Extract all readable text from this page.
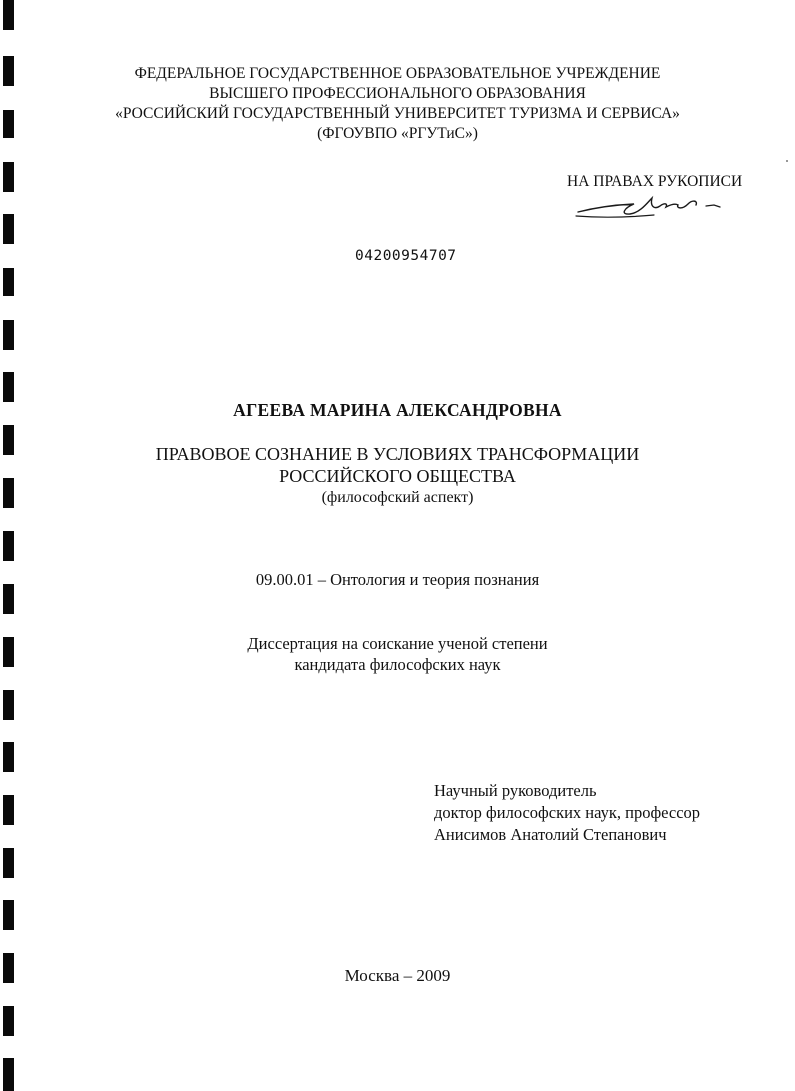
ФЕДЕРАЛЬНОЕ ГОСУДАРСТВЕННОЕ ОБРАЗОВАТЕЛЬНОЕ УЧРЕЖДЕНИЕ
ВЫСШЕГО ПРОФЕССИОНАЛЬНОГО ОБРАЗОВАНИЯ
«РОССИЙСКИЙ ГОСУДАРСТВЕННЫЙ УНИВЕРСИТЕТ ТУРИЗМА И СЕРВИСА»
(ФГОУВПО «РГУТиС»)
НА ПРАВАХ РУКОПИСИ
04200954707
АГЕЕВА МАРИНА АЛЕКСАНДРОВНА
ПРАВОВОЕ СОЗНАНИЕ В УСЛОВИЯХ ТРАНСФОРМАЦИИ
РОССИЙСКОГО ОБЩЕСТВА
(философский аспект)
09.00.01 – Онтология и теория познания
Диссертация на соискание ученой степени
кандидата философских наук
Научный руководитель
доктор философских наук, профессор
Анисимов Анатолий Степанович
Москва – 2009
